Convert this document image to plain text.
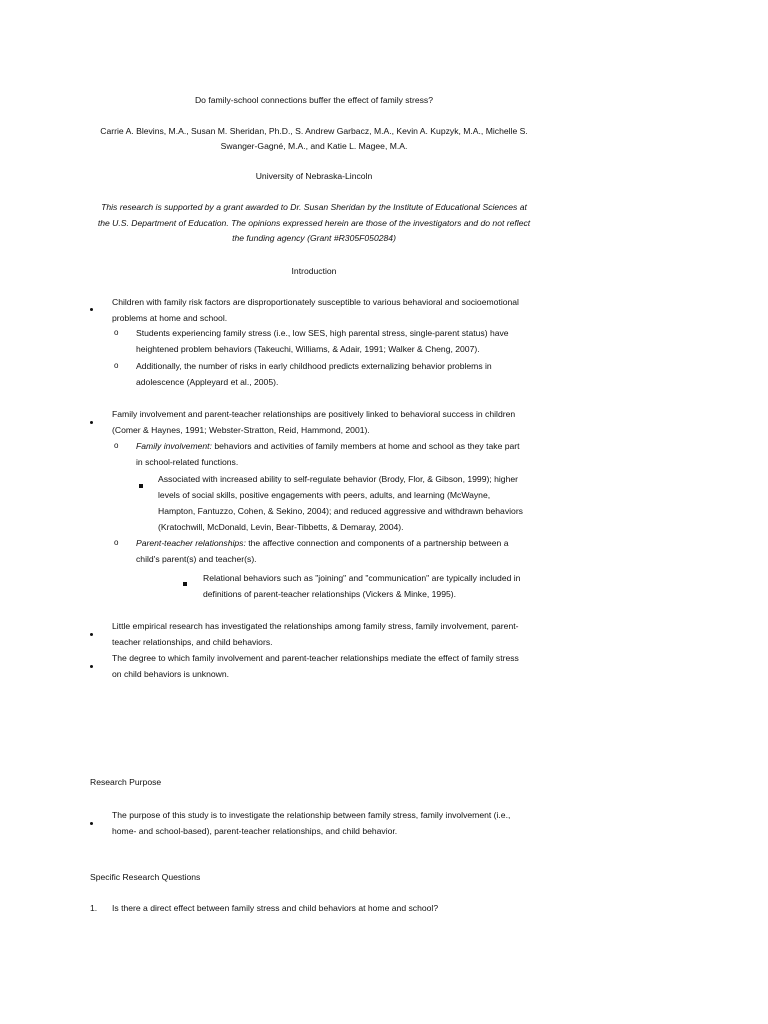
Do family-school connections buffer the effect of family stress?
Carrie A. Blevins, M.A., Susan M. Sheridan, Ph.D., S. Andrew Garbacz, M.A., Kevin A. Kupzyk, M.A., Michelle S.
Swanger-Gagné, M.A., and Katie L. Magee, M.A.
University of Nebraska-Lincoln
This research is supported by a grant awarded to Dr. Susan Sheridan by the Institute of Educational Sciences at
the U.S. Department of Education. The opinions expressed herein are those of the investigators and do not reflect
the funding agency (Grant #R305F050284)
Introduction
Children with family risk factors are disproportionately susceptible to various behavioral and socioemotional
problems at home and school.
o Students experiencing family stress (i.e., low SES, high parental stress, single-parent status) have
heightened problem behaviors (Takeuchi, Williams, & Adair, 1991; Walker & Cheng, 2007).
o Additionally, the number of risks in early childhood predicts externalizing behavior problems in
adolescence (Appleyard et al., 2005).
Family involvement and parent-teacher relationships are positively linked to behavioral success in children
(Comer & Haynes, 1991; Webster-Stratton, Reid, Hammond, 2001).
o Family involvement: behaviors and activities of family members at home and school as they take part
in school-related functions.
Associated with increased ability to self-regulate behavior (Brody, Flor, & Gibson, 1999); higher
levels of social skills, positive engagements with peers, adults, and learning (McWayne,
Hampton, Fantuzzo, Cohen, & Sekino, 2004); and reduced aggressive and withdrawn behaviors
(Kratochwill, McDonald, Levin, Bear-Tibbetts, & Demaray, 2004).
o Parent-teacher relationships: the affective connection and components of a partnership between a
child's parent(s) and teacher(s).
Relational behaviors such as "joining" and "communication" are typically included in
definitions of parent-teacher relationships (Vickers & Minke, 1995).
Little empirical research has investigated the relationships among family stress, family involvement, parent-
teacher relationships, and child behaviors.
The degree to which family involvement and parent-teacher relationships mediate the effect of family stress
on child behaviors is unknown.
Research Purpose
The purpose of this study is to investigate the relationship between family stress, family involvement (i.e.,
home- and school-based), parent-teacher relationships, and child behavior.
Specific Research Questions
1. Is there a direct effect between family stress and child behaviors at home and school?
